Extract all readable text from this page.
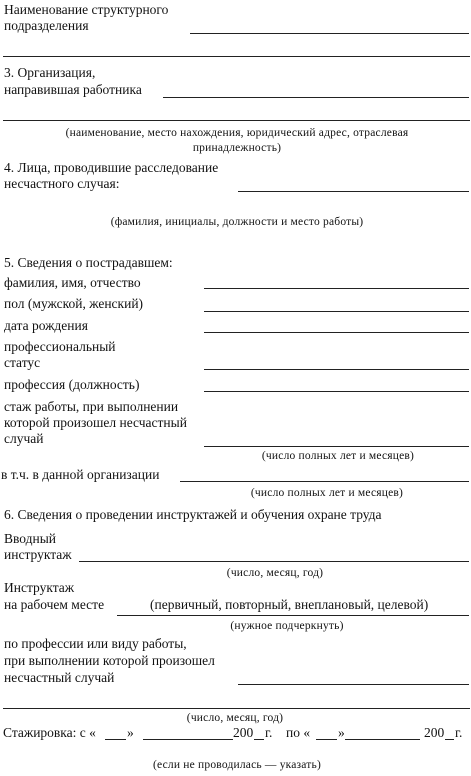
Наименование структурного
подразделения
3. Организация,
направившая работника
(наименование, место нахождения, юридический адрес, отраслевая
принадлежность)
4. Лица, проводившие расследование
несчастного случая:
(фамилия, инициалы, должности и место работы)
5. Сведения о пострадавшем:
фамилия, имя, отчество
пол (мужской, женский)
дата рождения
профессиональный
статус
профессия (должность)
стаж работы, при выполнении
которой произошел несчастный
случай
(число полных лет и месяцев)
в т.ч. в данной организации
(число полных лет и месяцев)
6. Сведения о проведении инструктажей и обучения охране труда
Вводный
инструктаж
(число, месяц, год)
Инструктаж
на рабочем месте	(первичный, повторный, внеплановый, целевой)
(нужное подчеркнуть)
по профессии или виду работы,
при выполнении которой произошел
несчастный случай
(число, месяц, год)
Стажировка: с « »	200 г. по « »	200 г.
(если не проводилась — указать)
